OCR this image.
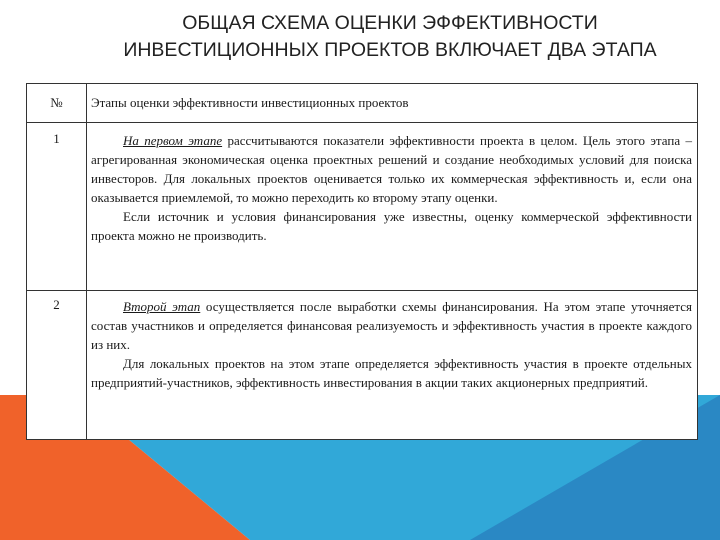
ОБЩАЯ СХЕМА ОЦЕНКИ ЭФФЕКТИВНОСТИ
ИНВЕСТИЦИОННЫХ ПРОЕКТОВ ВКЛЮЧАЕТ ДВА ЭТАПА
№	Этапы оценки эффективности инвестиционных проектов
1	На первом этапе рассчитываются показатели эффективности проекта в целом. Цель этого этапа – агрегированная экономическая оценка проектных решений и создание необходимых условий для поиска инвесторов. Для локальных проектов оценивается только их коммерческая эффективность и, если она оказывается приемлемой, то можно переходить ко второму этапу оценки.

Если источник и условия финансирования уже известны, оценку коммерческой эффективности проекта можно не производить.

2	Второй этап осуществляется после выработки схемы финансирования. На этом этапе уточняется состав участников и определяется финансовая реализуемость и эффективность участия в проекте каждого из них.

Для локальных проектов на этом этапе определяется эффективность участия в проекте отдельных предприятий-участников, эффективность инвестирования в акции таких акционерных предприятий.
